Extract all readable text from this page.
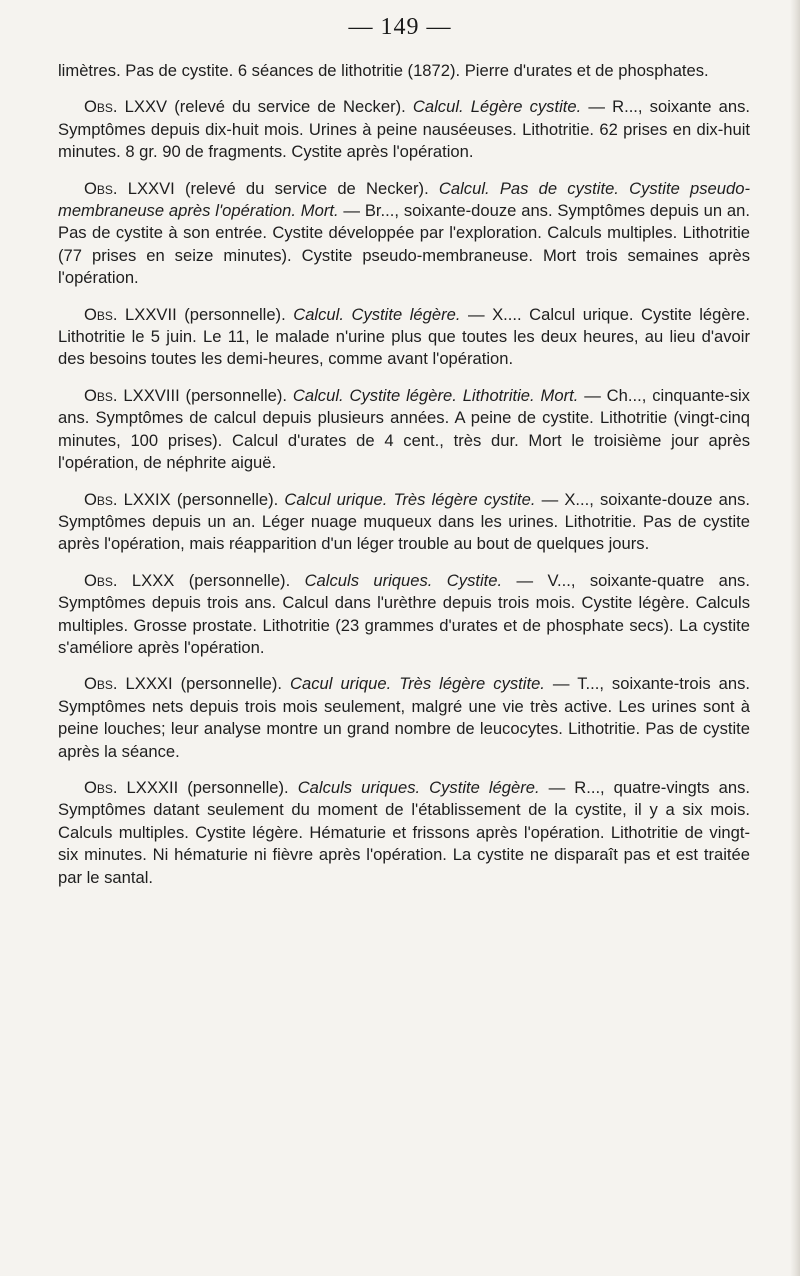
— 149 —

limètres. Pas de cystite. 6 séances de lithotritie (1872). Pierre d'urates et de phosphates.

Obs. LXXV (relevé du service de Necker). Calcul. Légère cystite. — R..., soixante ans. Symptômes depuis dix-huit mois. Urines à peine nauséeuses. Lithotritie. 62 prises en dix-huit minutes. 8 gr. 90 de fragments. Cystite après l'opération.

Obs. LXXVI (relevé du service de Necker). Calcul. Pas de cystite. Cystite pseudo-membraneuse après l'opération. Mort. — Br..., soixante-douze ans. Symptômes depuis un an. Pas de cystite à son entrée. Cystite développée par l'exploration. Calculs multiples. Lithotritie (77 prises en seize minutes). Cystite pseudo-membraneuse. Mort trois semaines après l'opération.

Obs. LXXVII (personnelle). Calcul. Cystite légère. — X.... Calcul urique. Cystite légère. Lithotritie le 5 juin. Le 11, le malade n'urine plus que toutes les deux heures, au lieu d'avoir des besoins toutes les demi-heures, comme avant l'opération.

Obs. LXXVIII (personnelle). Calcul. Cystite légère. Lithotritie. Mort. — Ch..., cinquante-six ans. Symptômes de calcul depuis plusieurs années. A peine de cystite. Lithotritie (vingt-cinq minutes, 100 prises). Calcul d'urates de 4 cent., très dur. Mort le troisième jour après l'opération, de néphrite aiguë.

Obs. LXXIX (personnelle). Calcul urique. Très légère cystite. — X..., soixante-douze ans. Symptômes depuis un an. Léger nuage muqueux dans les urines. Lithotritie. Pas de cystite après l'opération, mais réapparition d'un léger trouble au bout de quelques jours.

Obs. LXXX (personnelle). Calculs uriques. Cystite. — V..., soixante-quatre ans. Symptômes depuis trois ans. Calcul dans l'urèthre depuis trois mois. Cystite légère. Calculs multiples. Grosse prostate. Lithotritie (23 grammes d'urates et de phosphate secs). La cystite s'améliore après l'opération.

Obs. LXXXI (personnelle). Cacul urique. Très légère cystite. — T..., soixante-trois ans. Symptômes nets depuis trois mois seulement, malgré une vie très active. Les urines sont à peine louches; leur analyse montre un grand nombre de leucocytes. Lithotritie. Pas de cystite après la séance.

Obs. LXXXII (personnelle). Calculs uriques. Cystite légère. — R..., quatre-vingts ans. Symptômes datant seulement du moment de l'établissement de la cystite, il y a six mois. Calculs multiples. Cystite légère. Hématurie et frissons après l'opération. Lithotritie de vingt-six minutes. Ni hématurie ni fièvre après l'opération. La cystite ne disparaît pas et est traitée par le santal.
